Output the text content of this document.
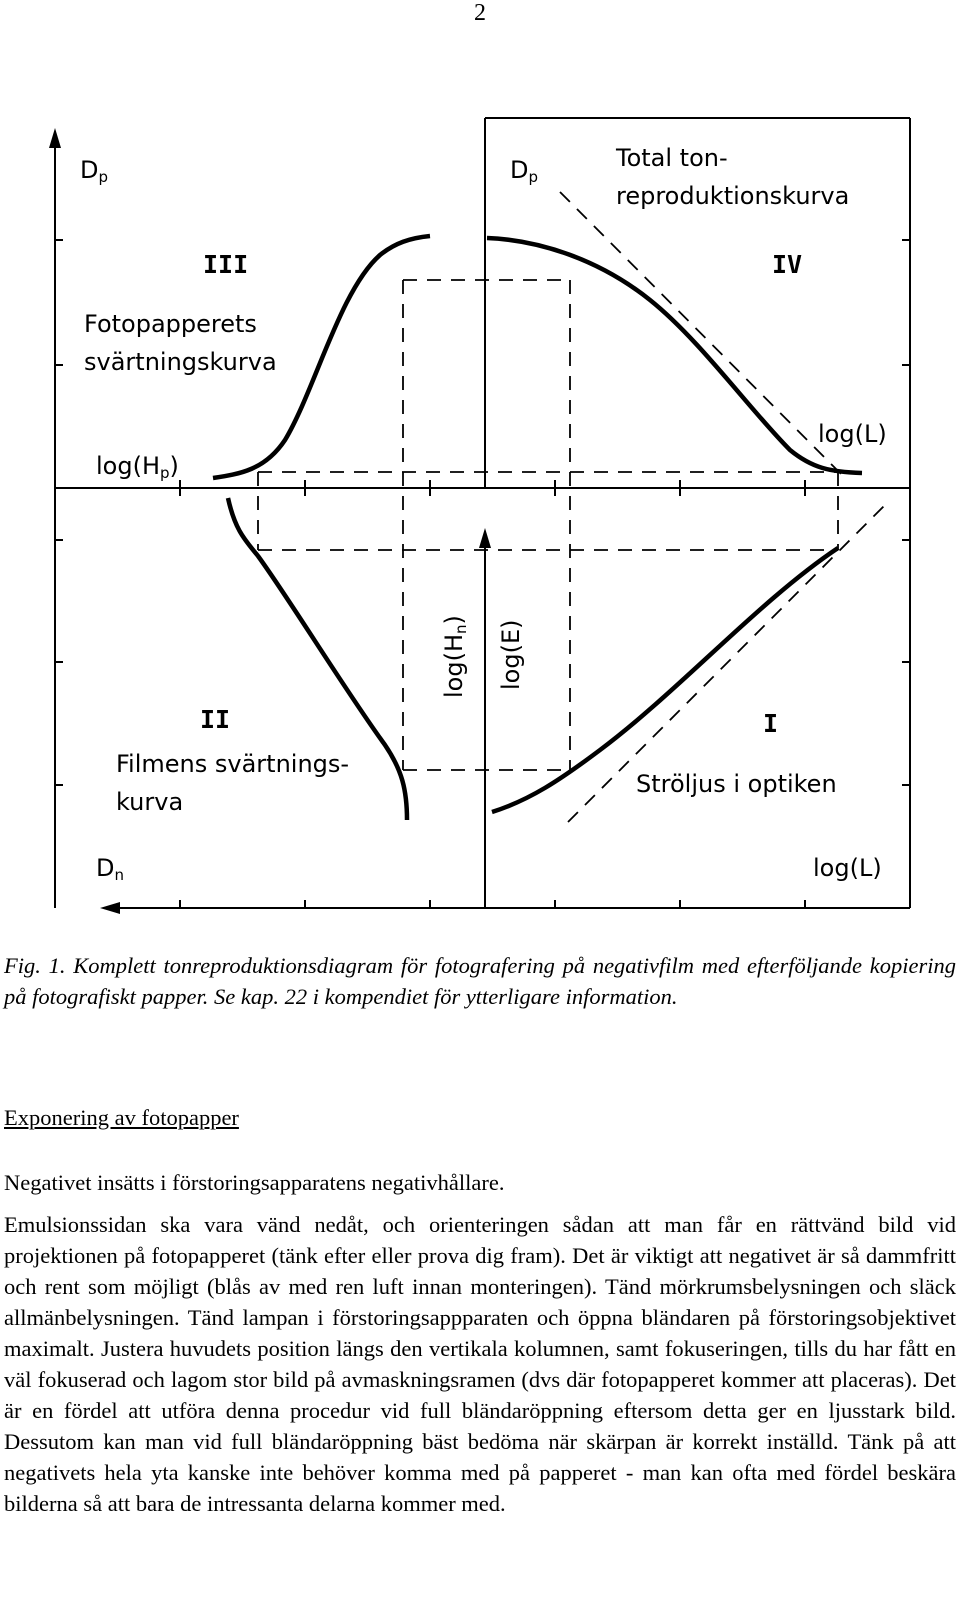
2
$D_p$	$D_p$
Total ton-
reproduktionskurva
III	IV
Fotopapperets
svärtningskurva
$\log(H_p)$
log(L)
$\log(H_n)$ log(E)
II	I
Filmens svärtnings-
kurva
Ströljus i optiken
$D_n$	log(L)
Fig. 1. Komplett tonreproduktionsdiagram för fotografering på negativfilm med efterföljande kopiering på fotografiskt papper. Se kap. 22 i kompendiet för ytterligare information.
Exponering av fotopapper

Negativet insätts i förstoringsapparatens negativhållare.

Emulsionssidan ska vara vänd nedåt, och orienteringen sådan att man får en rättvänd bild vid projektionen på fotopapperet (tänk efter eller prova dig fram). Det är viktigt att negativet är så dammfritt och rent som möjligt (blås av med ren luft innan monteringen). Tänd mörkrumsbelysningen och släck allmänbelysningen. Tänd lampan i förstoringsappparaten och öppna bländaren på förstoringsobjektivet maximalt. Justera huvudets position längs den vertikala kolumnen, samt fokuseringen, tills du har fått en väl fokuserad och lagom stor bild på avmaskningsramen (dvs där fotopapperet kommer att placeras). Det är en fördel att utföra denna procedur vid full bländaröppning eftersom detta ger en ljusstark bild. Dessutom kan man vid full bländaröppning bäst bedöma när skärpan är korrekt inställd. Tänk på att negativets hela yta kanske inte behöver komma med på papperet - man kan ofta med fördel beskära bilderna så att bara de intressanta delarna kommer med.
